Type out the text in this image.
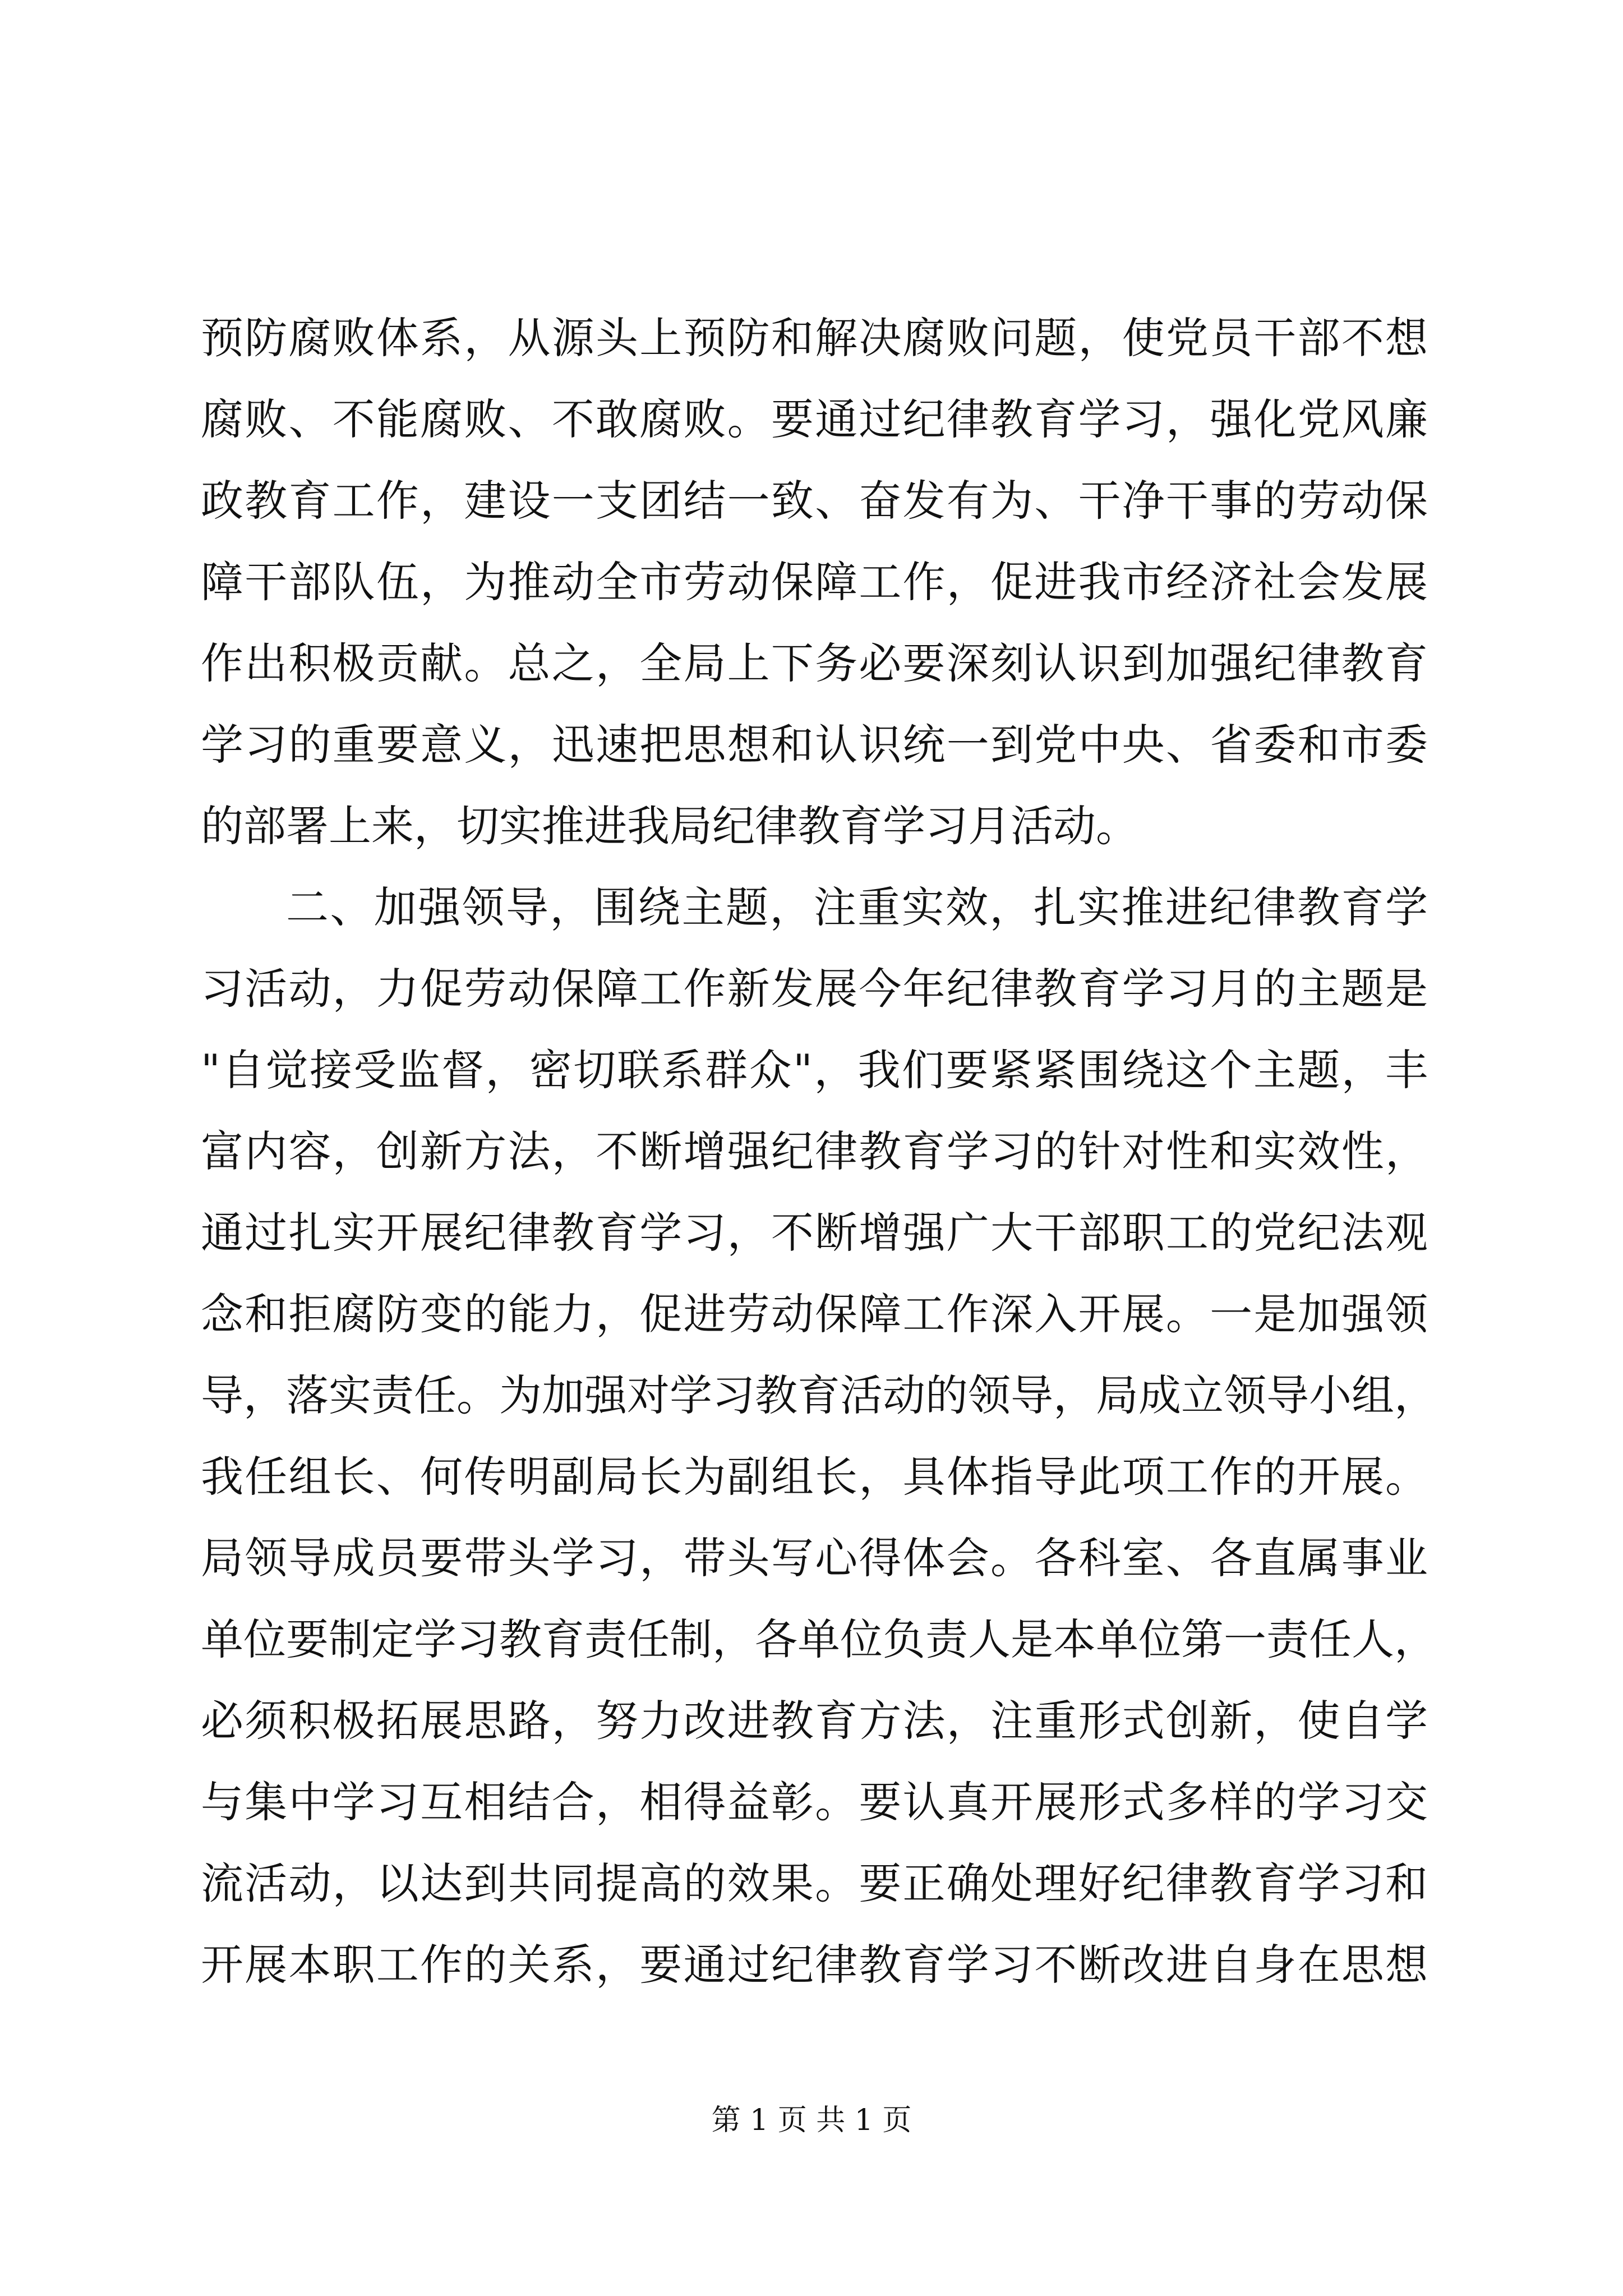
预防腐败体系，从源头上预防和解决腐败问题，使党员干部不想
腐败、不能腐败、不敢腐败。要通过纪律教育学习，强化党风廉
政教育工作，建设一支团结一致、奋发有为、干净干事的劳动保
障干部队伍，为推动全市劳动保障工作，促进我市经济社会发展
作出积极贡献。总之，全局上下务必要深刻认识到加强纪律教育
学习的重要意义，迅速把思想和认识统一到党中央、省委和市委
的部署上来，切实推进我局纪律教育学习月活动。
二、加强领导，围绕主题，注重实效，扎实推进纪律教育学
习活动，力促劳动保障工作新发展今年纪律教育学习月的主题是
"自觉接受监督，密切联系群众"，我们要紧紧围绕这个主题，丰
富内容，创新方法，不断增强纪律教育学习的针对性和实效性，
通过扎实开展纪律教育学习，不断增强广大干部职工的党纪法观
念和拒腐防变的能力，促进劳动保障工作深入开展。一是加强领
导，落实责任。为加强对学习教育活动的领导，局成立领导小组，
我任组长、何传明副局长为副组长，具体指导此项工作的开展。
局领导成员要带头学习，带头写心得体会。各科室、各直属事业
单位要制定学习教育责任制，各单位负责人是本单位第一责任人，
必须积极拓展思路，努力改进教育方法，注重形式创新，使自学
与集中学习互相结合，相得益彰。要认真开展形式多样的学习交
流活动，以达到共同提高的效果。要正确处理好纪律教育学习和
开展本职工作的关系，要通过纪律教育学习不断改进自身在思想
第 1 页 共 1 页
